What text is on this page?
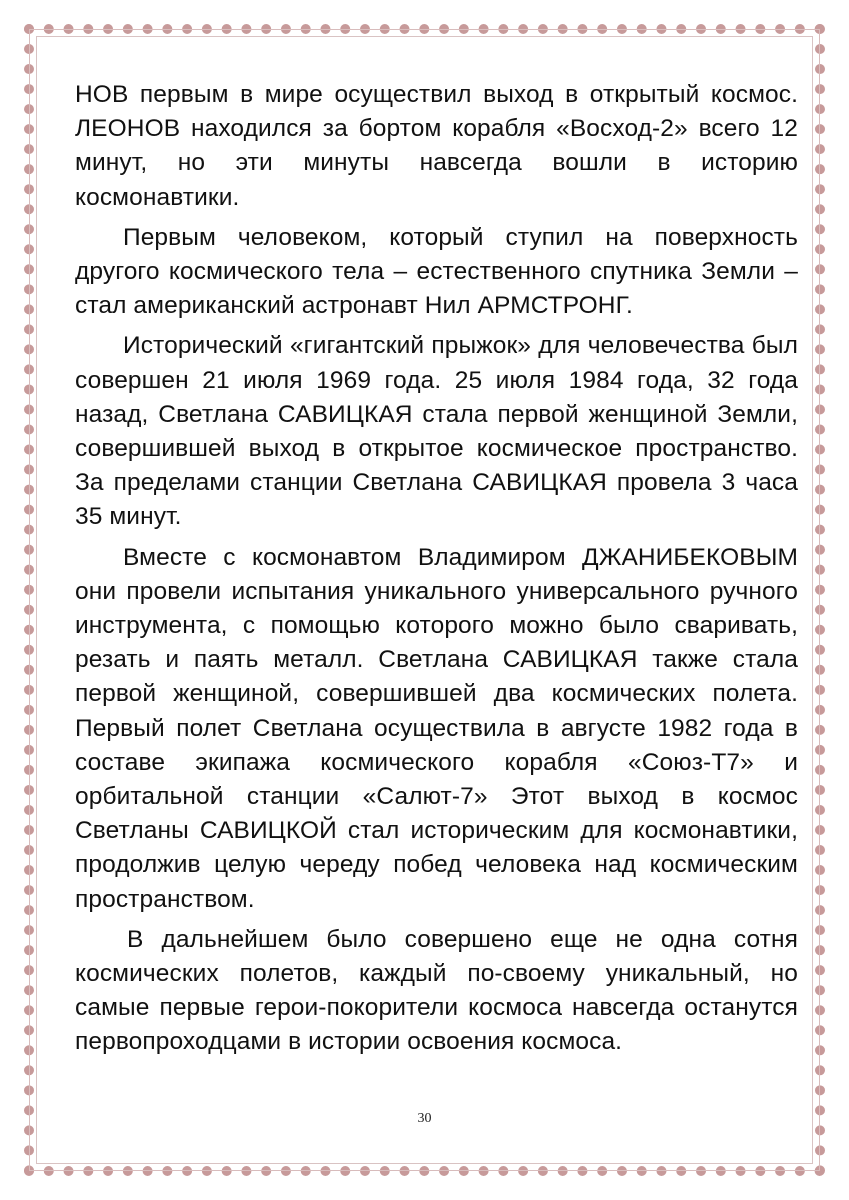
НОВ первым в мире осуществил выход в открытый космос. ЛЕОНОВ находился за бортом корабля «Восход-2» всего 12 минут, но эти минуты навсегда вошли в историю космонавтики.

Первым человеком, который ступил на поверхность другого космического тела – естественного спутника Земли – стал американский астронавт Нил АРМСТРОНГ.

Исторический «гигантский прыжок» для человечества был совершен 21 июля 1969 года. 25 июля 1984 года, 32 года назад, Светлана САВИЦКАЯ стала первой женщиной Земли, совершившей выход в открытое космическое пространство. За пределами станции Светлана САВИЦКАЯ провела 3 часа 35 минут.

Вместе с космонавтом Владимиром ДЖАНИБЕКОВЫМ они провели испытания уникального универсального ручного инструмента, с помощью которого можно было сваривать, резать и паять металл. Светлана САВИЦКАЯ также стала первой женщиной, совершившей два космических полета. Первый полет Светлана осуществила в августе 1982 года в составе экипажа космического корабля «Союз-Т7» и орбитальной станции «Салют-7» Этот выход в космос Светланы САВИЦКОЙ стал историческим для космонавтики, продолжив целую череду побед человека над космическим пространством.

В дальнейшем было совершено еще не одна сотня космических полетов, каждый по-своему уникальный, но самые первые герои-покорители космоса навсегда останутся первопроходцами в истории освоения космоса.

30
